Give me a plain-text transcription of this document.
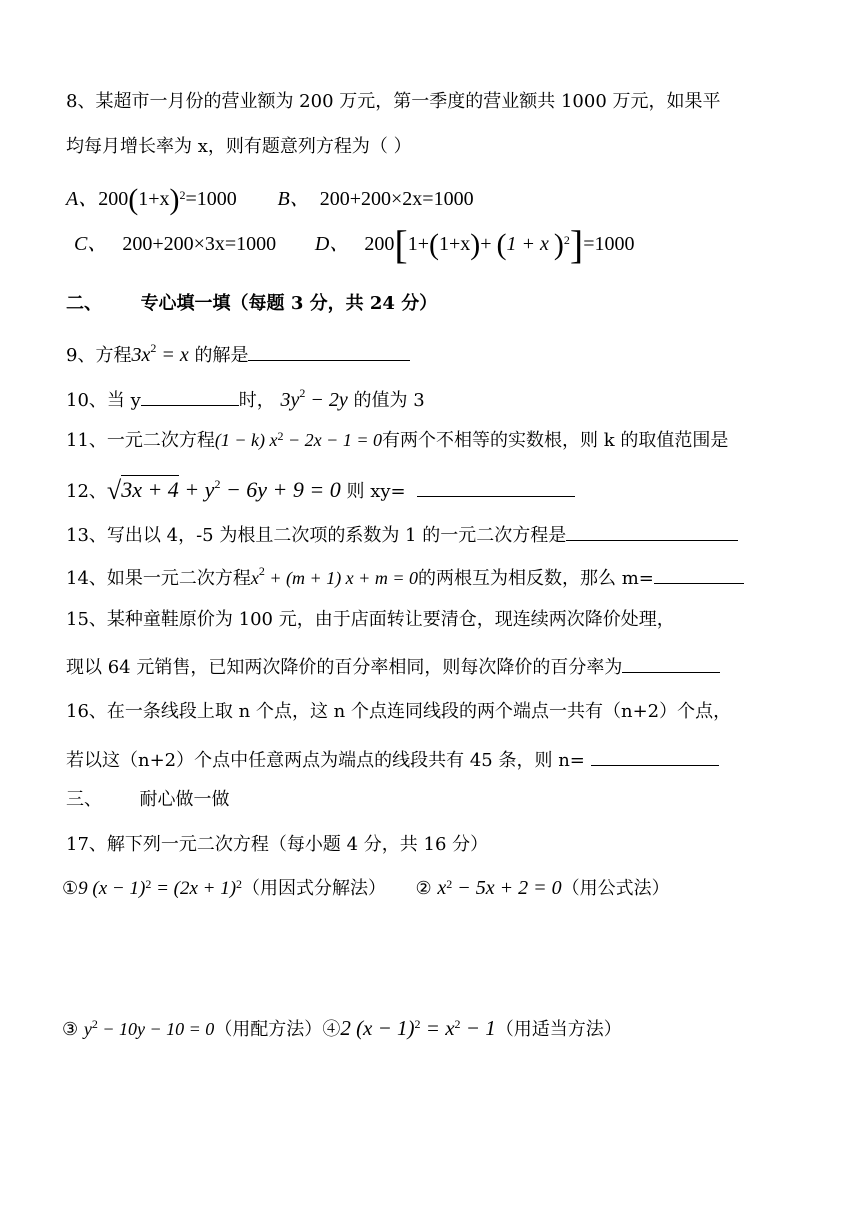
8、某超市一月份的营业额为 200 万元，第一季度的营业额共 1000 万元，如果平
均每月增长率为 x，则有题意列方程为（ ）
A、$200(1+x)^2=1000$ B、 200+200×2x=1000
C、 200+200×3x=1000 D、 200[1+(1+x)+ (1 + x )$^2$]=1000
二、 专心填一填（每题 3 分，共 24 分）
9、方程$3x^2 = x$ 的解是
10、当 y	时， $3y^2 - 2y$ 的值为 3
11、一元二次方程(1 − k) $x^2 - 2x - 1 = 0$有两个不相等的实数根，则 k 的取值范围是
12、$√3x + 4 + y^2 - 6y + 9 = 0$ 则 xy=
13、写出以 4，-5 为根且二次项的系数为 1 的一元二次方程是
14、如果一元二次方程$x^2 + (m + 1) x + m = 0$的两根互为相反数，那么 m=
15、某种童鞋原价为 100 元，由于店面转让要清仓，现连续两次降价处理，
现以 64 元销售，已知两次降价的百分率相同，则每次降价的百分率为
16、在一条线段上取 n 个点，这 n 个点连同线段的两个端点一共有（n+2）个点，
若以这（n+2）个点中任意两点为端点的线段共有 45 条，则 n=
三、 耐心做一做
17、解下列一元二次方程（每小题 4 分，共 16 分）
①9 $(x - 1)^2 = (2x + 1)^2$（用因式分解法） ② $x^2 - 5x + 2 = 0$（用公式法）
③ $y^2 - 10y - 10 = 0$（用配方法）④2 $(x - 1)^2 = x^2 - 1$（用适当方法）
